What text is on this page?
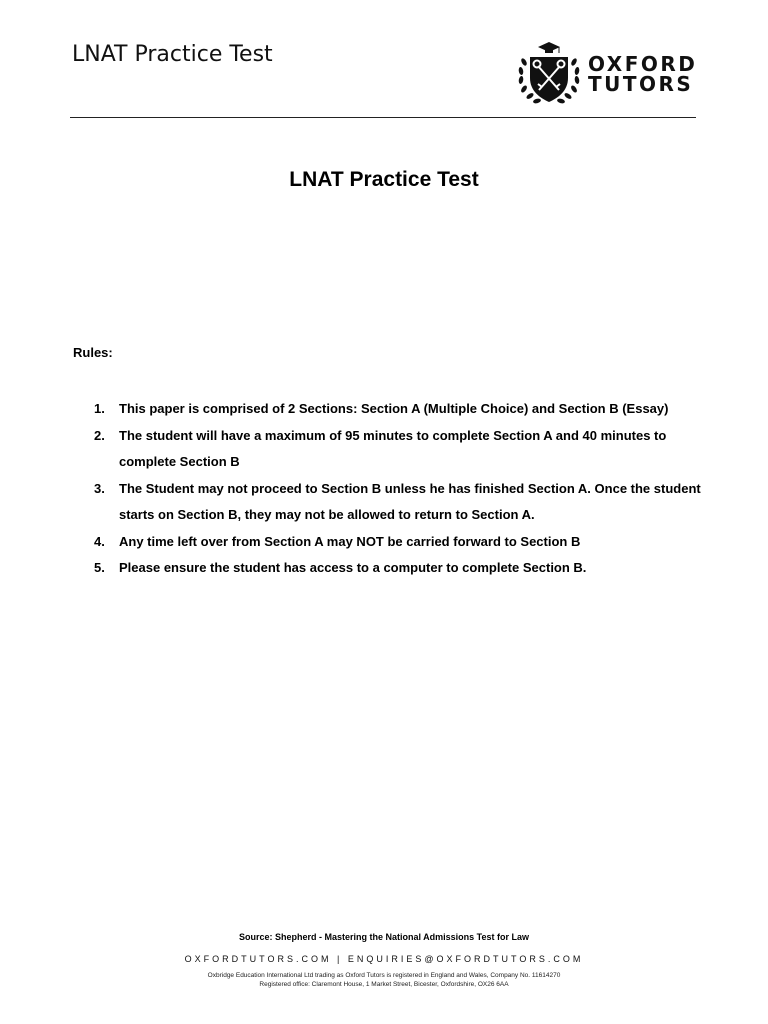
LNAT Practice Test	OXFORD
TUTORS
LNAT Practice Test
Rules:
1.	This paper is comprised of 2 Sections: Section A (Multiple Choice) and Section B (Essay)
2.	The student will have a maximum of 95 minutes to complete Section A and 40 minutes to complete Section B
3.	The Student may not proceed to Section B unless he has finished Section A. Once the student starts on Section B, they may not be allowed to return to Section A.
4.	Any time left over from Section A may NOT be carried forward to Section B
5.	Please ensure the student has access to a computer to complete Section B.
Source: Shepherd - Mastering the National Admissions Test for Law
OXFORDTUTORS.COM | ENQUIRIES@OXFORDTUTORS.COM
Oxbridge Education International Ltd trading as Oxford Tutors is registered in England and Wales, Company No. 11614270
Registered office: Claremont House, 1 Market Street, Bicester, Oxfordshire, OX26 6AA
